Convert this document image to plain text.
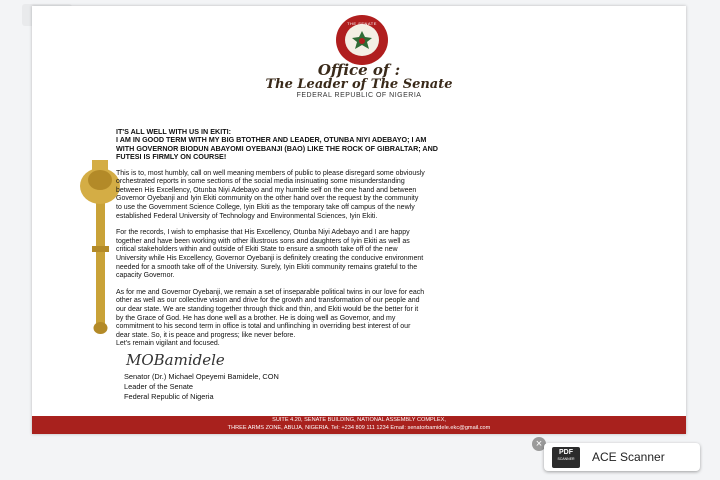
THE SENATE
Office of :
The Leader of The Senate
FEDERAL REPUBLIC OF NIGERIA
IT'S ALL WELL WITH US IN EKITI:
I AM IN GOOD TERM WITH MY BIG BTOTHER AND LEADER, OTUNBA NIYI ADEBAYO; I AM
WITH GOVERNOR BIODUN ABAYOMI OYEBANJI (BAO) LIKE THE ROCK OF GIBRALTAR; AND
FUTESI IS FIRMLY ON COURSE!
This is to, most humbly, call on well meaning members of public to please disregard some obviously
orchestrated reports in some sections of the social media insinuating some misunderstanding
between His Excellency, Otunba Niyi Adebayo and my humble self on the one hand and between
Governor Oyebanji and Iyin Ekiti community on the other hand over the request by the community
to use the Government Science College, Iyin Ekiti as the temporary take off campus of the newly
established Federal University of Technology and Environmental Sciences, Iyin Ekiti.
For the records, I wish to emphasise that His Excellency, Otunba Niyi Adebayo and I are happy
together and have been working with other illustrous sons and daughters of Iyin Ekiti as well as
critical stakeholders within and outside of Ekiti State to ensure a smooth take off of the new
University while His Excellency, Governor Oyebanji is definitely creating the conducive environment
needed for a smooth take off of the University. Surely, Iyin Ekiti community remains grateful to the
capacity Governor.
As for me and Governor Oyebanji, we remain a set of inseparable political twins in our love for each
other as well as our collective vision and drive for the growth and transformation of our people and
our dear state. We are standing together through thick and thin, and Ekiti would be the better for it
by the Grace of God. He has done well as a brother. He is doing well as Governor, and my
commitment to his second term in office is total and unflinching in overriding best interest of our
dear state. So, it is peace and progress; like never before.
Let's remain vigilant and focused.
MOBamidele
Senator (Dr.) Michael Opeyemi Bamidele, CON
Leader of the Senate
Federal Republic of Nigeria
SUITE 4.20, SENATE BUILDING, NATIONAL ASSEMBLY COMPLEX,
THREE ARMS ZONE, ABUJA, NIGERIA. Tel: +234 809 111 1234 Email: senatorbamidele.ekc@gmail.com
×
PDF
SCANNER	ACE Scanner
